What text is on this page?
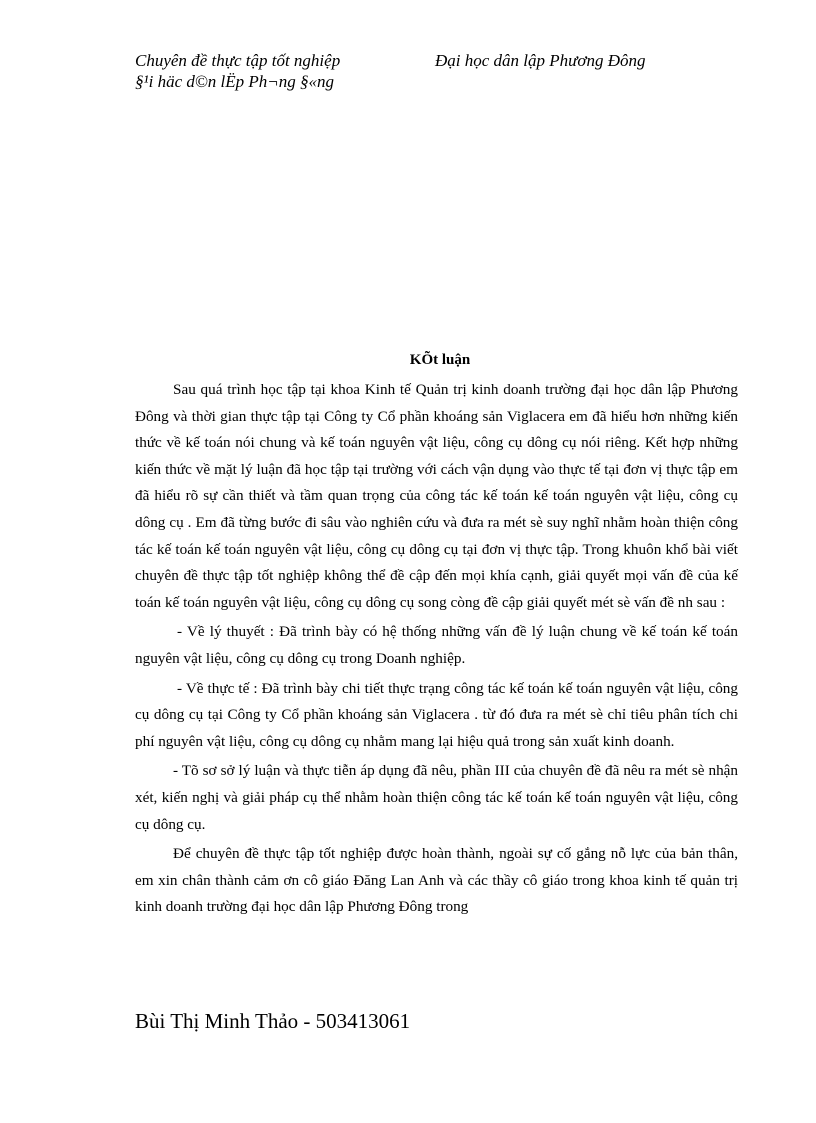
Chuyên đề thực tập tốt nghiệp	Đại học dân lập Phương Đông
§¹i häc d©n lËp Ph¬ng §«ng
KÕt luận

Sau quá trình học tập tại khoa Kinh tế Quản trị kinh doanh trường đại học dân lập Phương Đông và thời gian thực tập tại Công ty Cổ phần khoáng sản Viglacera em đã hiểu hơn những kiến thức về kế toán nói chung và kế toán nguyên vật liệu, công cụ dông cụ nói riêng. Kết hợp những kiến thức về mặt lý luận đã học tập tại trường với cách vận dụng vào thực tế tại đơn vị thực tập em đã hiểu rõ sự cần thiết và tầm quan trọng của công tác kế toán kế toán nguyên vật liệu, công cụ dông cụ . Em đã từng bước đi sâu vào nghiên cứu và đưa ra mét sè suy nghĩ nhằm hoàn thiện công tác kế toán kế toán nguyên vật liệu, công cụ dông cụ tại đơn vị thực tập. Trong khuôn khổ bài viết chuyên đề thực tập tốt nghiệp không thể đề cập đến mọi khía cạnh, giải quyết mọi vấn đề của kế toán kế toán nguyên vật liệu, công cụ dông cụ song còng đề cập giải quyết mét sè vấn đề nh sau :

- Về lý thuyết : Đã trình bày có hệ thống những vấn đề lý luận chung về kế toán kế toán nguyên vật liệu, công cụ dông cụ trong Doanh nghiệp.

- Về thực tế : Đã trình bày chi tiết thực trạng công tác kế toán kế toán nguyên vật liệu, công cụ dông cụ tại Công ty Cổ phần khoáng sản Viglacera . từ đó đưa ra mét sè chỉ tiêu phân tích chi phí nguyên vật liệu, công cụ dông cụ nhằm mang lại hiệu quả trong sản xuất kinh doanh.

- Tõ sơ sở lý luận và thực tiễn áp dụng đã nêu, phần III của chuyên đề đã nêu ra mét sè nhận xét, kiến nghị và giải pháp cụ thể nhằm hoàn thiện công tác kế toán kế toán nguyên vật liệu, công cụ dông cụ.

Để chuyên đề thực tập tốt nghiệp được hoàn thành, ngoài sự cố gắng nỗ lực của bản thân, em xin chân thành cảm ơn cô giáo Đăng Lan Anh và các thầy cô giáo trong khoa kinh tế quản trị kinh doanh trường đại học dân lập Phương Đông trong

Bùi Thị Minh Thảo - 503413061
